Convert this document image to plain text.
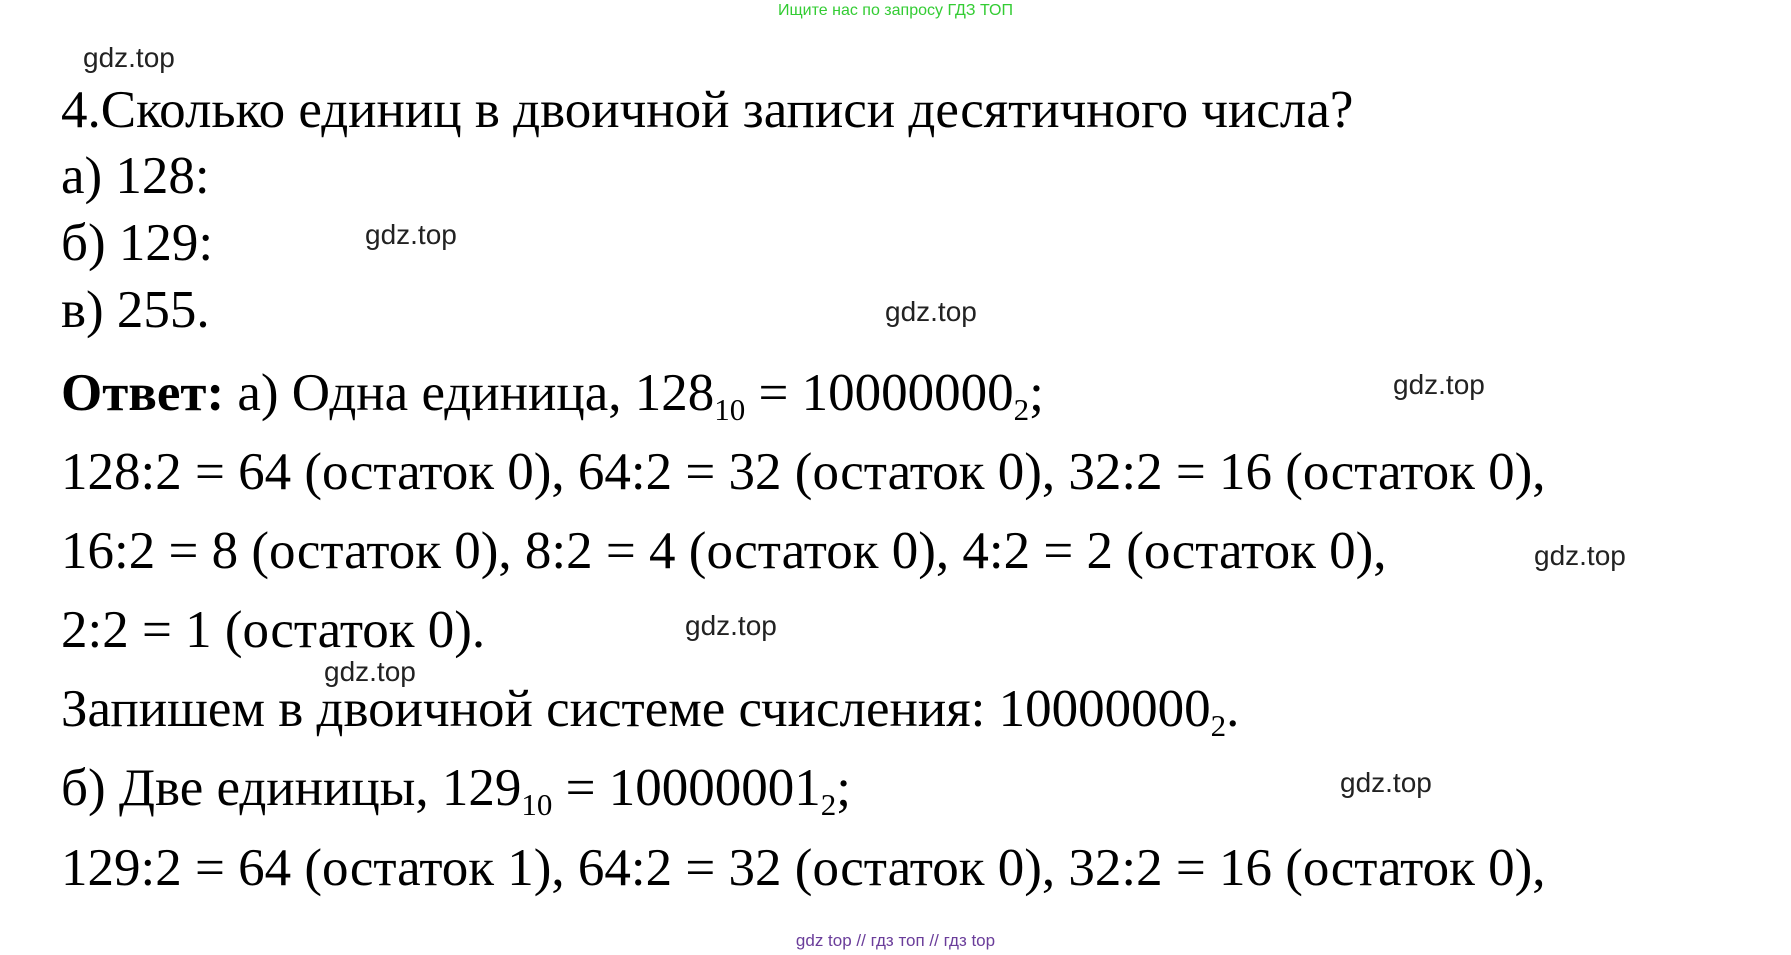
Ищите нас по запросу ГДЗ ТОП
gdz.top
gdz.top
gdz.top
gdz.top
gdz.top
gdz.top
gdz.top
gdz.top
4.Сколько единиц в двоичной записи десятичного числа?
а) 128:
б) 129:
в) 255.
Ответ: а) Одна единица, 12810 = 100000002;
128:2 = 64 (остаток 0), 64:2 = 32 (остаток 0), 32:2 = 16 (остаток 0),
16:2 = 8 (остаток 0), 8:2 = 4 (остаток 0), 4:2 = 2 (остаток 0),
2:2 = 1 (остаток 0).
Запишем в двоичной системе счисления: 100000002.
б) Две единицы, 12910 = 100000012;
129:2 = 64 (остаток 1), 64:2 = 32 (остаток 0), 32:2 = 16 (остаток 0),
gdz top // гдз топ // гдз top
